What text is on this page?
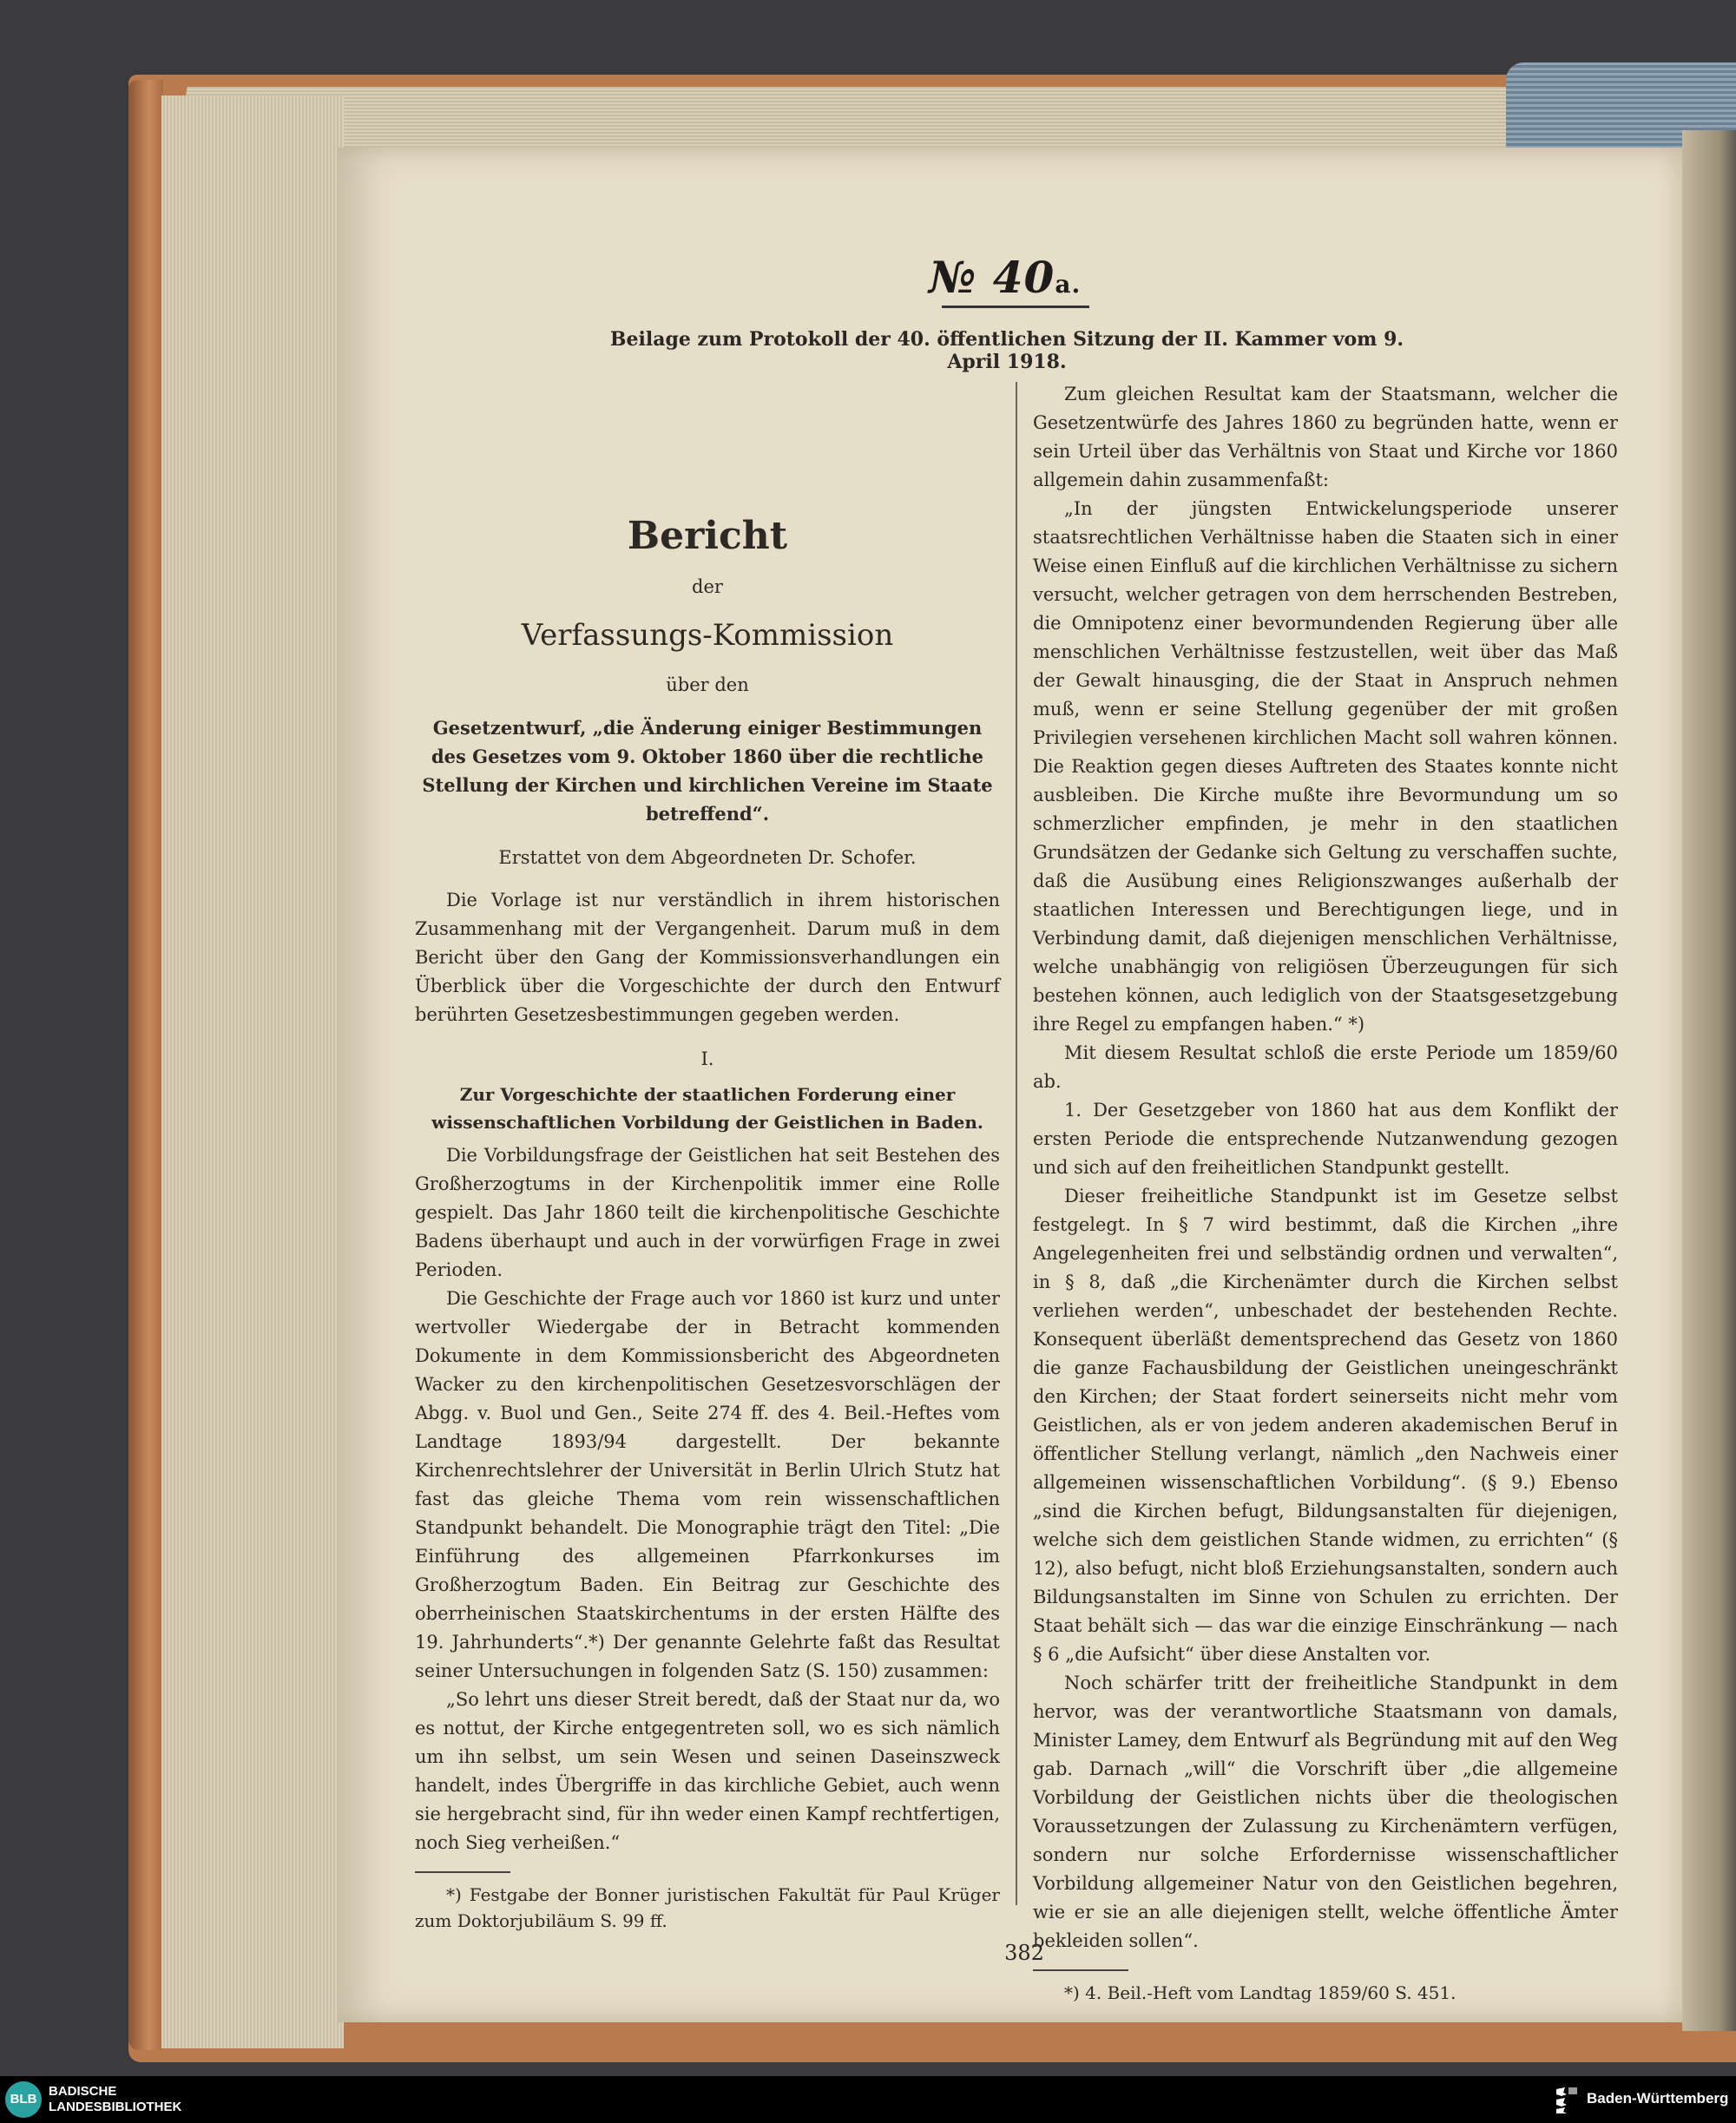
№ 40a.
Beilage zum Protokoll der 40. öffentlichen Sitzung der II. Kammer vom 9. April 1918.
Bericht
der
Verfassungs-Kommission
über den
Gesetzentwurf, „die Änderung einiger Bestimmungen des Gesetzes vom 9. Oktober 1860 über die rechtliche Stellung der Kirchen und kirchlichen Vereine im Staate betreffend“.
Erstattet von dem Abgeordneten Dr. Schofer.

Die Vorlage ist nur verständlich in ihrem historischen Zusammenhang mit der Vergangenheit. Darum muß in dem Bericht über den Gang der Kommissionsverhandlungen ein Überblick über die Vorgeschichte der durch den Entwurf berührten Gesetzesbestimmungen gegeben werden.

I.
Zur Vorgeschichte der staatlichen Forderung einer wissenschaftlichen Vorbildung der Geistlichen in Baden.

Die Vorbildungsfrage der Geistlichen hat seit Bestehen des Großherzogtums in der Kirchenpolitik immer eine Rolle gespielt. Das Jahr 1860 teilt die kirchenpolitische Geschichte Badens überhaupt und auch in der vorwürfigen Frage in zwei Perioden.

Die Geschichte der Frage auch vor 1860 ist kurz und unter wertvoller Wiedergabe der in Betracht kommenden Dokumente in dem Kommissionsbericht des Abgeordneten Wacker zu den kirchenpolitischen Gesetzesvorschlägen der Abgg. v. Buol und Gen., Seite 274 ff. des 4. Beil.-Heftes vom Landtage 1893/94 dargestellt. Der bekannte Kirchenrechtslehrer der Universität in Berlin Ulrich Stutz hat fast das gleiche Thema vom rein wissenschaftlichen Standpunkt behandelt. Die Monographie trägt den Titel: „Die Einführung des allgemeinen Pfarrkonkurses im Großherzogtum Baden. Ein Beitrag zur Geschichte des oberrheinischen Staatskirchentums in der ersten Hälfte des 19. Jahrhunderts“.*) Der genannte Gelehrte faßt das Resultat seiner Untersuchungen in folgenden Satz (S. 150) zusammen:

„So lehrt uns dieser Streit beredt, daß der Staat nur da, wo es nottut, der Kirche entgegentreten soll, wo es sich nämlich um ihn selbst, um sein Wesen und seinen Daseinszweck handelt, indes Übergriffe in das kirchliche Gebiet, auch wenn sie hergebracht sind, für ihn weder einen Kampf rechtfertigen, noch Sieg verheißen.“

*) Festgabe der Bonner juristischen Fakultät für Paul Krüger zum Doktorjubiläum S. 99 ff.

Zum gleichen Resultat kam der Staatsmann, welcher die Gesetzentwürfe des Jahres 1860 zu begründen hatte, wenn er sein Urteil über das Verhältnis von Staat und Kirche vor 1860 allgemein dahin zusammenfaßt:

„In der jüngsten Entwickelungsperiode unserer staatsrechtlichen Verhältnisse haben die Staaten sich in einer Weise einen Einfluß auf die kirchlichen Verhältnisse zu sichern versucht, welcher getragen von dem herrschenden Bestreben, die Omnipotenz einer bevormundenden Regierung über alle menschlichen Verhältnisse festzustellen, weit über das Maß der Gewalt hinausging, die der Staat in Anspruch nehmen muß, wenn er seine Stellung gegenüber der mit großen Privilegien versehenen kirchlichen Macht soll wahren können. Die Reaktion gegen dieses Auftreten des Staates konnte nicht ausbleiben. Die Kirche mußte ihre Bevormundung um so schmerzlicher empfinden, je mehr in den staatlichen Grundsätzen der Gedanke sich Geltung zu verschaffen suchte, daß die Ausübung eines Religionszwanges außerhalb der staatlichen Interessen und Berechtigungen liege, und in Verbindung damit, daß diejenigen menschlichen Verhältnisse, welche unabhängig von religiösen Überzeugungen für sich bestehen können, auch lediglich von der Staatsgesetzgebung ihre Regel zu empfangen haben.“ *)

Mit diesem Resultat schloß die erste Periode um 1859/60 ab.

1. Der Gesetzgeber von 1860 hat aus dem Konflikt der ersten Periode die entsprechende Nutzanwendung gezogen und sich auf den freiheitlichen Standpunkt gestellt.

Dieser freiheitliche Standpunkt ist im Gesetze selbst festgelegt. In § 7 wird bestimmt, daß die Kirchen „ihre Angelegenheiten frei und selbständig ordnen und verwalten“, in § 8, daß „die Kirchenämter durch die Kirchen selbst verliehen werden“, unbeschadet der bestehenden Rechte. Konsequent überläßt dementsprechend das Gesetz von 1860 die ganze Fachausbildung der Geistlichen uneingeschränkt den Kirchen; der Staat fordert seinerseits nicht mehr vom Geistlichen, als er von jedem anderen akademischen Beruf in öffentlicher Stellung verlangt, nämlich „den Nachweis einer allgemeinen wissenschaftlichen Vorbildung“. (§ 9.) Ebenso „sind die Kirchen befugt, Bildungsanstalten für diejenigen, welche sich dem geistlichen Stande widmen, zu errichten“ (§ 12), also befugt, nicht bloß Erziehungsanstalten, sondern auch Bildungsanstalten im Sinne von Schulen zu errichten. Der Staat behält sich — das war die einzige Einschränkung — nach § 6 „die Aufsicht“ über diese Anstalten vor.

Noch schärfer tritt der freiheitliche Standpunkt in dem hervor, was der verantwortliche Staatsmann von damals, Minister Lamey, dem Entwurf als Begründung mit auf den Weg gab. Darnach „will“ die Vorschrift über „die allgemeine Vorbildung der Geistlichen nichts über die theologischen Voraussetzungen der Zulassung zu Kirchenämtern verfügen, sondern nur solche Erfordernisse wissenschaftlicher Vorbildung allgemeiner Natur von den Geistlichen begehren, wie er sie an alle diejenigen stellt, welche öffentliche Ämter bekleiden sollen“.

*) 4. Beil.-Heft vom Landtag 1859/60 S. 451.
382
BLB
BADISCHE
LANDESBIBLIOTHEK
Baden-Württemberg
